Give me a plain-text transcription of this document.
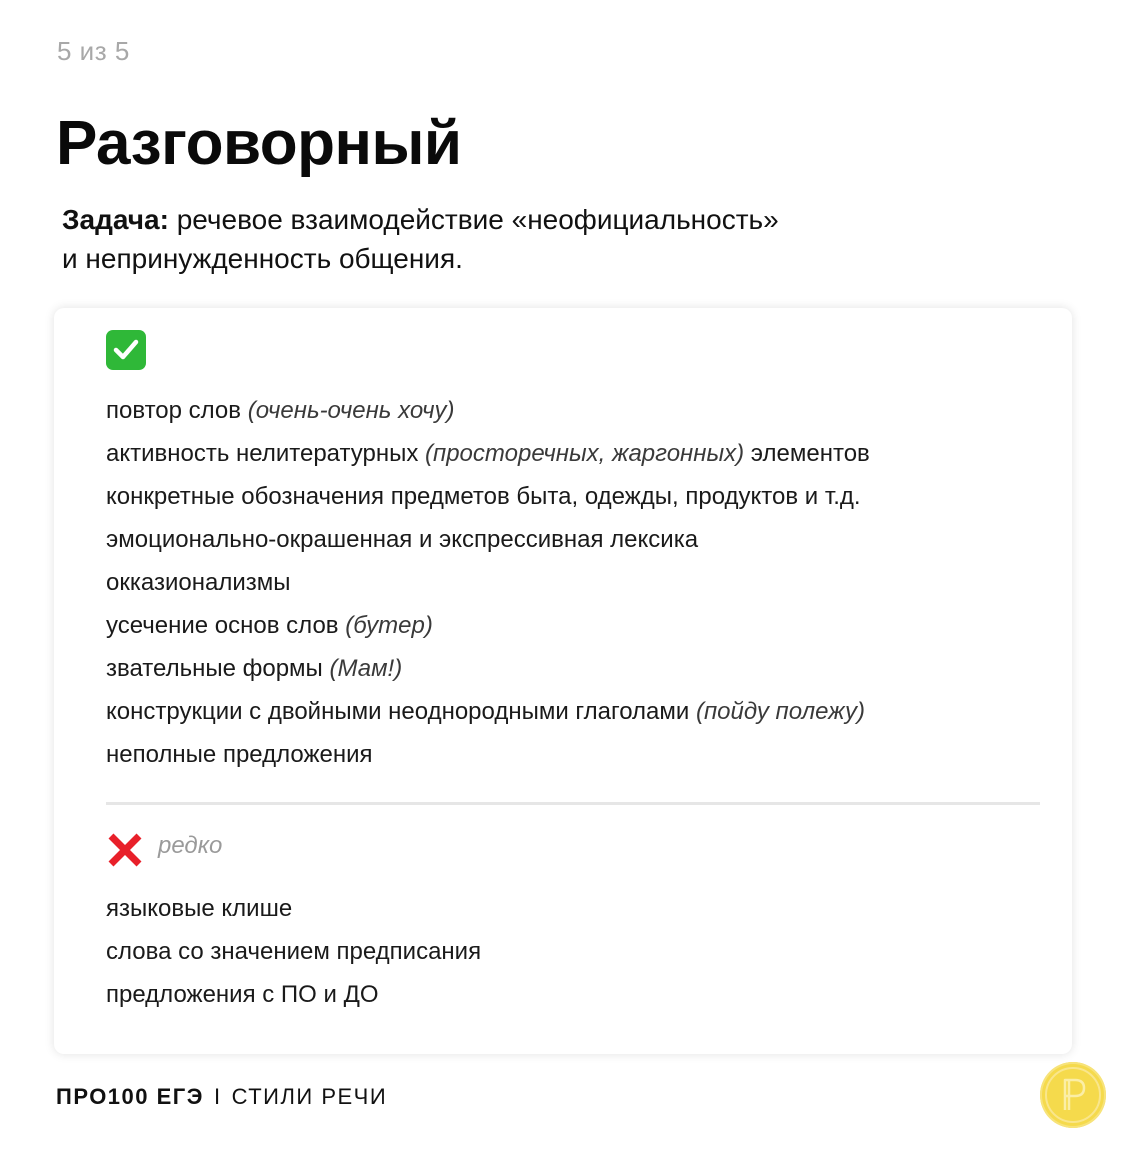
5 из 5
Разговорный
Задача: речевое взаимодействие «неофициальность»
и непринужденность общения.
повтор слов (очень-очень хочу)
активность нелитературных (просторечных, жаргонных) элементов
конкретные обозначения предметов быта, одежды, продуктов и т.д.
эмоционально-окрашенная и экспрессивная лексика
окказионализмы
усечение основ слов (бутер)
звательные формы (Мам!)
конструкции с двойными неоднородными глаголами (пойду полежу)
неполные предложения
редко
языковые клише
слова со значением предписания
предложения с ПО и ДО
ПРО100 ЕГЭ I СТИЛИ РЕЧИ
